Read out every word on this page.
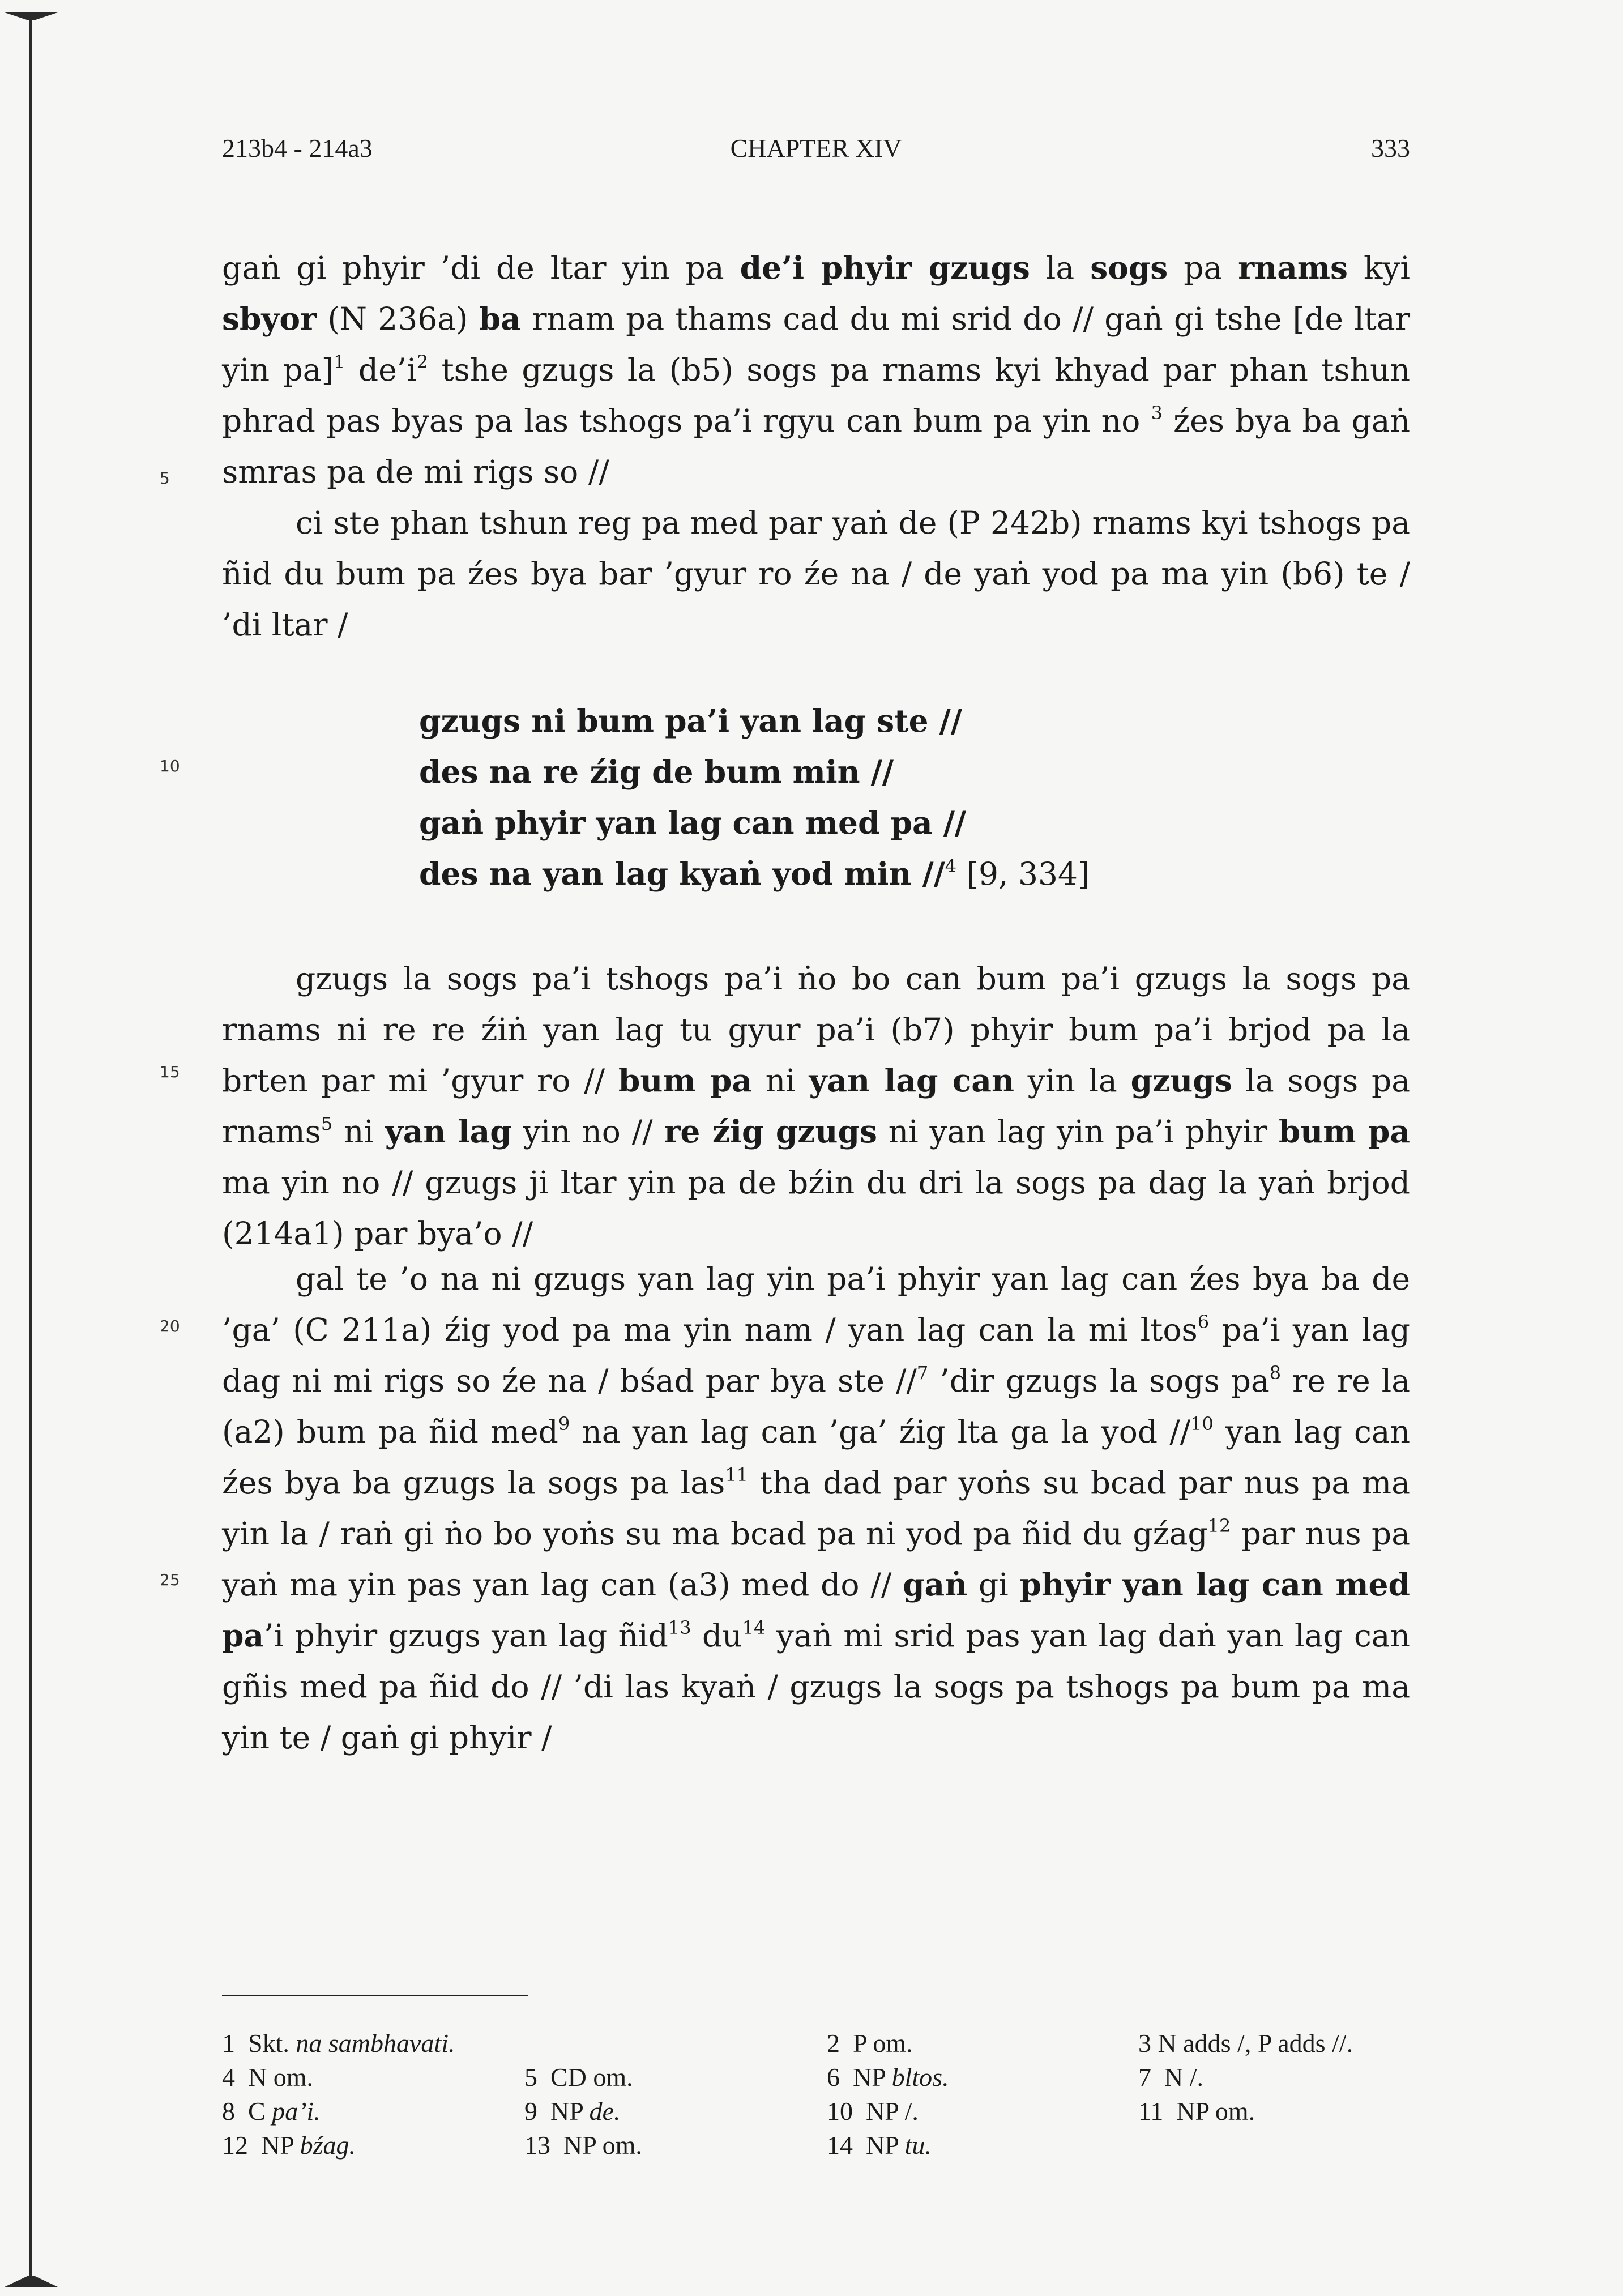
213b4 - 214a3	CHAPTER XIV	333
5
10
15
20
25
gaṅ gi phyir ’di de ltar yin pa de’i phyir gzugs la sogs pa rnams kyi sbyor (N 236a) ba rnam pa thams cad du mi srid do // gaṅ gi tshe [de ltar yin pa]$^1$ $de’i^2$ tshe gzugs la (b5) sogs pa rnams kyi khyad par phan tshun phrad pas byas pa las tshogs pa’i rgyu can bum pa yin no $^3$ źes bya ba gaṅ smras pa de mi rigs so //
ci ste phan tshun reg pa med par yaṅ de (P 242b) rnams kyi tshogs pa ñid du bum pa źes bya bar ’gyur ro źe na / de yaṅ yod pa ma yin (b6) te / ’di ltar /
gzugs ni bum pa’i yan lag ste //
des na re źig de bum min //
gaṅ phyir yan lag can med pa //
des na yan lag kyaṅ yod min //$^4$ [9, 334]
gzugs la sogs pa’i tshogs pa’i ṅo bo can bum pa’i gzugs la sogs pa rnams ni re re źiṅ yan lag tu gyur pa’i (b7) phyir bum pa’i brjod pa la brten par mi ’gyur ro // bum pa ni yan lag can yin la gzugs la sogs pa rnams$^5$ ni yan lag yin no // re źig gzugs ni yan lag yin pa’i phyir bum pa ma yin no // gzugs ji ltar yin pa de bźin du dri la sogs pa dag la yaṅ brjod (214a1) par bya’o //
gal te ’o na ni gzugs yan lag yin pa’i phyir yan lag can źes bya ba de ’ga’ (C 211a) źig yod pa ma yin nam / yan lag can la mi ltos$^6$ pa’i yan lag dag ni mi rigs so źe na / bśad par bya ste //$^7$ ’dir gzugs la sogs $pa^8$ re re la (a2) bum pa ñid med$^9$ na yan lag can ’ga’ źig lta ga la yod //$^{10}$ yan lag can źes bya ba gzugs la sogs pa las$^{11}$ tha dad par yoṅs su bcad par nus pa ma yin la / raṅ gi ṅo bo yoṅs su ma bcad pa ni yod pa ñid du gźag$^{12}$ par nus pa yaṅ ma yin pas yan lag can (a3) med do // gaṅ gi phyir yan lag can med pa’i phyir gzugs yan lag ñid$^{13}$ $du^{14}$ yaṅ mi srid pas yan lag daṅ yan lag can gñis med pa ñid do // ’di las kyaṅ / gzugs la sogs pa tshogs pa bum pa ma yin te / gaṅ gi phyir /
1 Skt. na sambhavati.	2 P om.	3 N adds /, P adds //.
4 N om.	5 CD om.	6 NP bltos.	7 N /.
8 C pa’i.	9 NP de.	10 NP /.	11 NP om.
12 NP bźag.	13 NP om.	14 NP tu.
